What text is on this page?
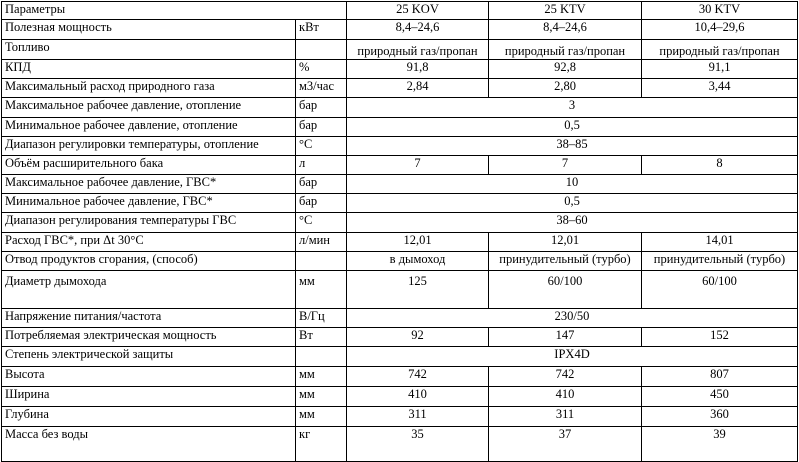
Параметры		25 KOV	25 KTV	30 KTV
Полезная мощность	кВт	8,4–24,6	8,4–24,6	10,4–29,6
Топливо		природный газ/пропан	природный газ/пропан	природный газ/пропан
КПД	%	91,8	92,8	91,1
Максимальный расход природного газа	м3/час	2,84	2,80	3,44
Максимальное рабочее давление, отопление	бар	3		
Минимальное рабочее давление, отопление	бар	0,5		
Диапазон регулировки температуры, отопление	°C	38–85		
Объём расширительного бака	л	7	7	8
Максимальное рабочее давление, ГВС*	бар	10		
Минимальное рабочее давление, ГВС*	бар	0,5		
Диапазон регулирования температуры ГВС	°C	38–60		
Расход ГВС*, при Δt 30°C	л/мин	12,01	12,01	14,01
Отвод продуктов сгорания, (способ)		в дымоход	принудительный (турбо)	принудительный (турбо)
Диаметр дымохода	мм	125	60/100	60/100
Напряжение питания/частота	В/Гц	230/50		
Потребляемая электрическая мощность	Вт	92	147	152
Степень электрической защиты		IPX4D		
Высота	мм	742	742	807
Ширина	мм	410	410	450
Глубина	мм	311	311	360
Масса без воды	кг	35	37	39
